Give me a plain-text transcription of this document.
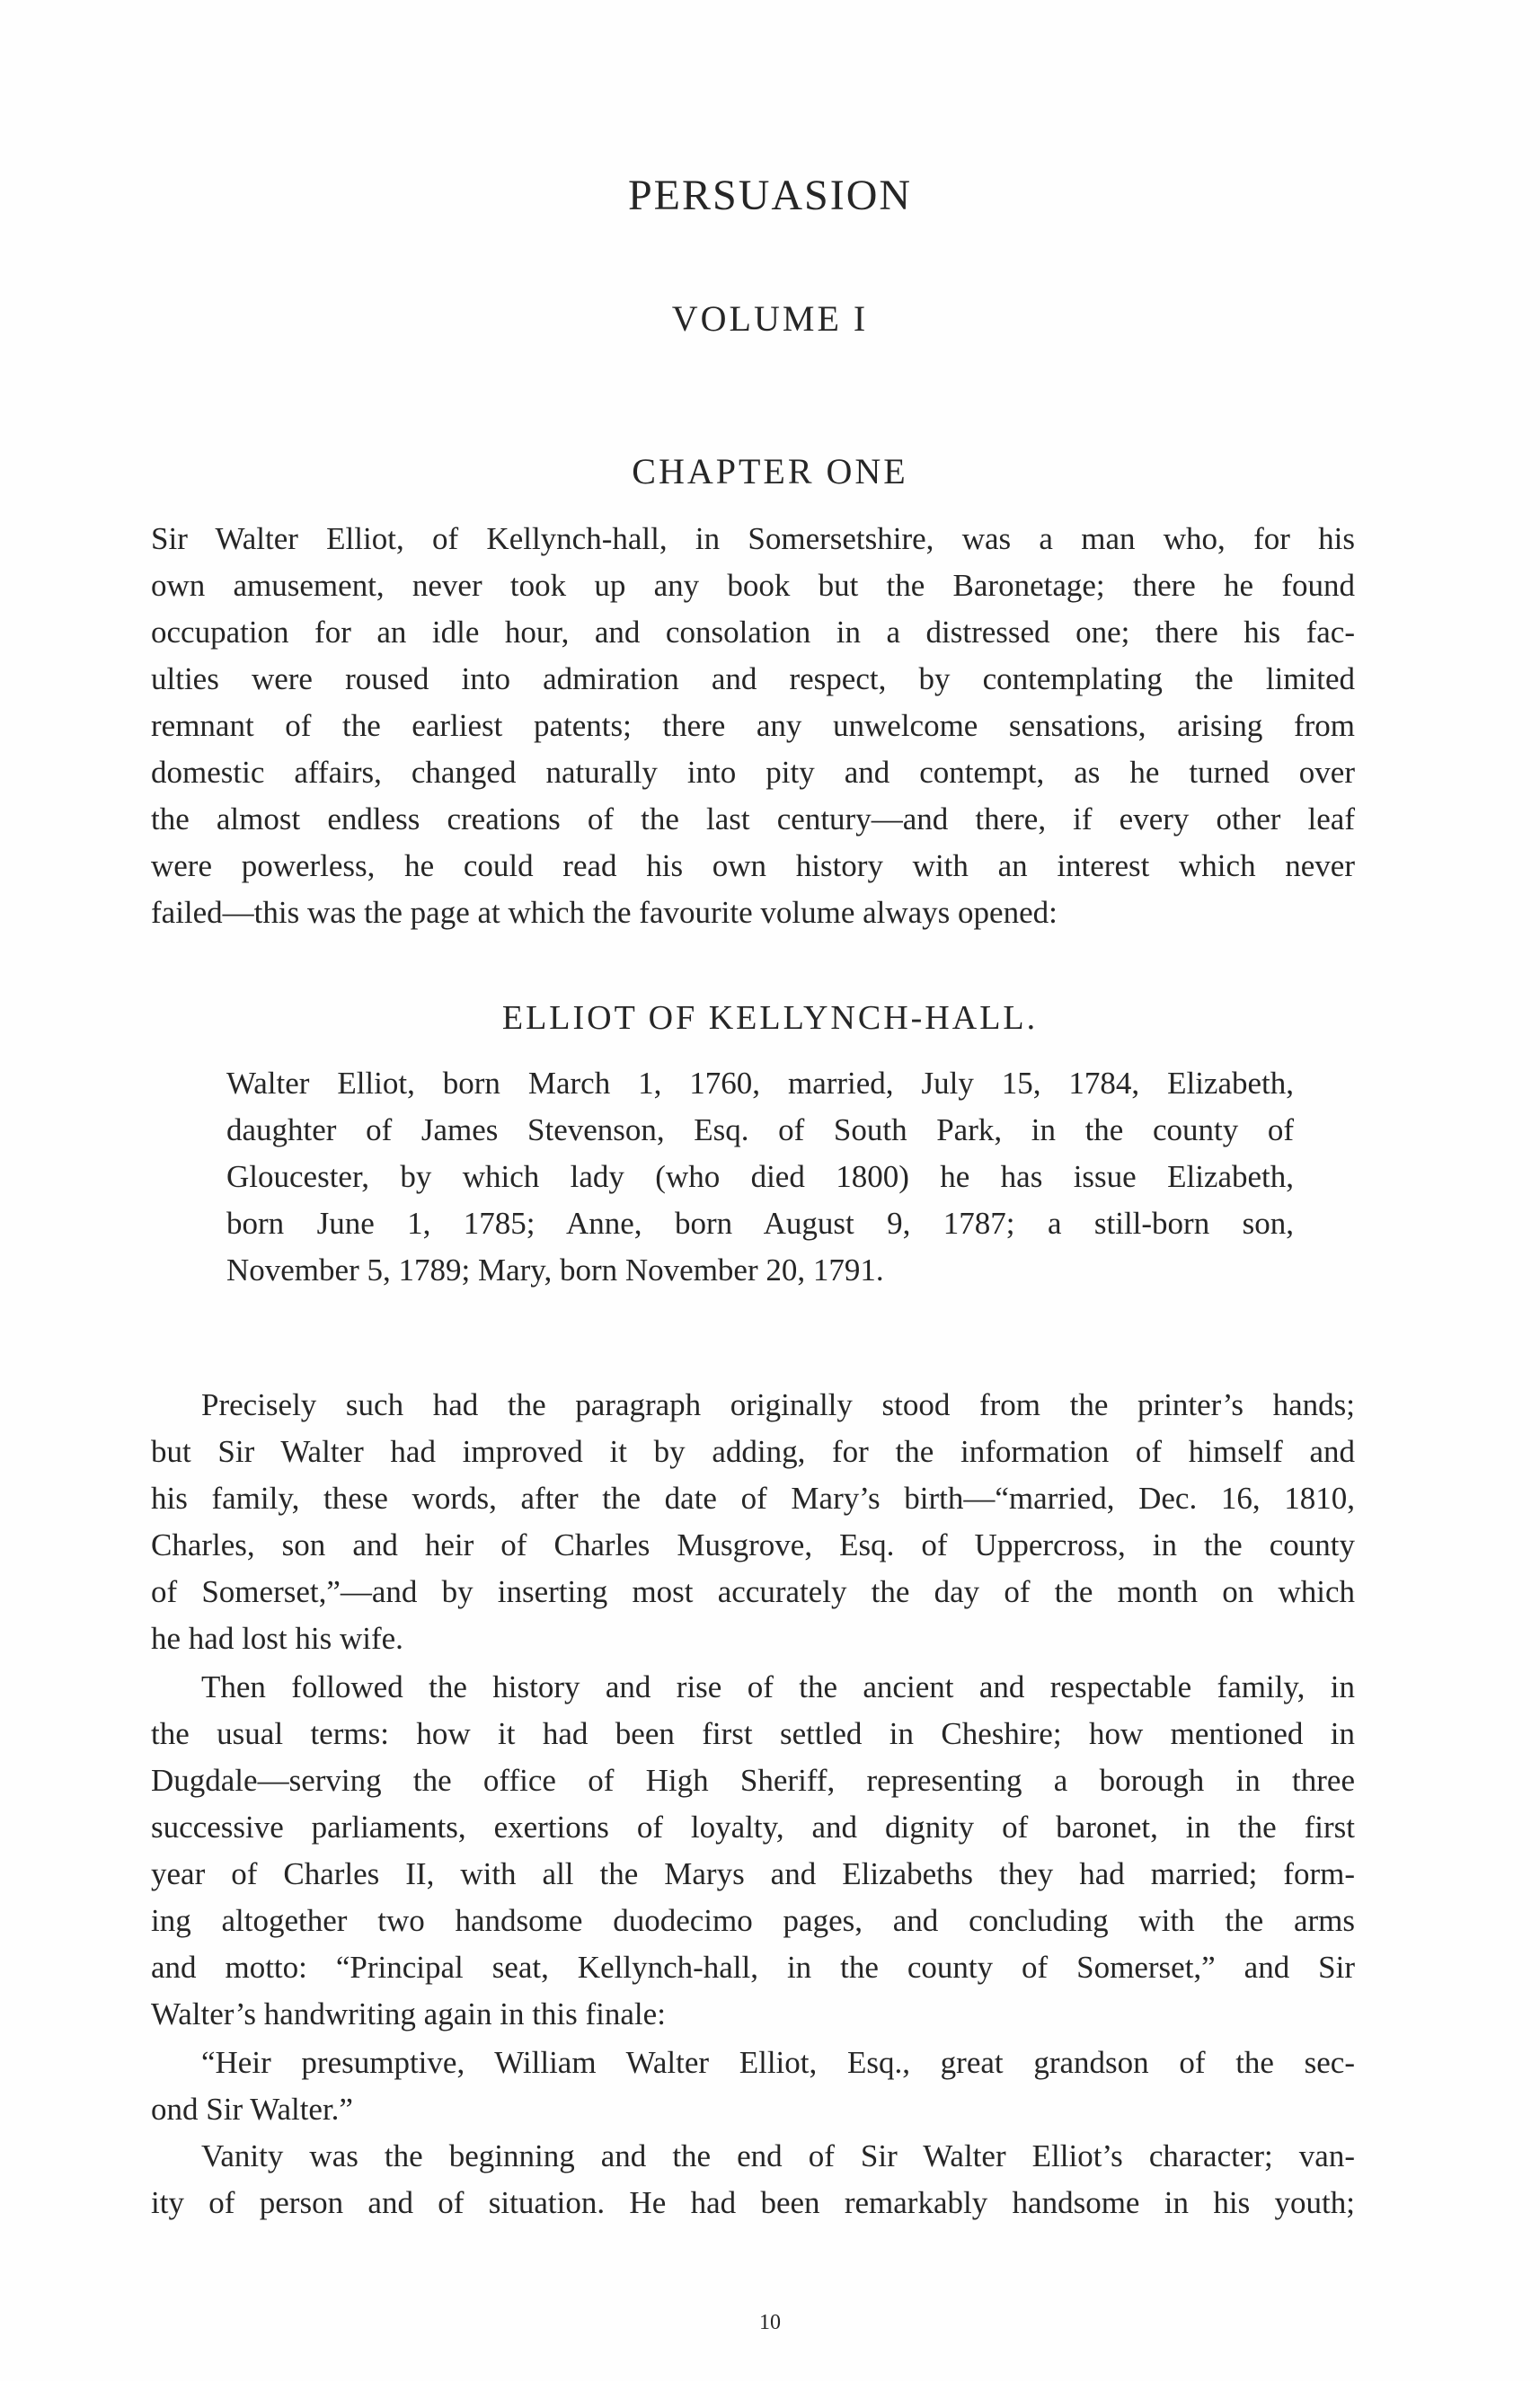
PERSUASION
VOLUME I
CHAPTER ONE
Sir Walter Elliot, of Kellynch-hall, in Somersetshire, was a man who, for his
own amusement, never took up any book but the Baronetage; there he found
occupation for an idle hour, and consolation in a distressed one; there his fac-
ulties were roused into admiration and respect, by contemplating the limited
remnant of the earliest patents; there any unwelcome sensations, arising from
domestic affairs, changed naturally into pity and contempt, as he turned over
the almost endless creations of the last century—and there, if every other leaf
were powerless, he could read his own history with an interest which never
failed—this was the page at which the favourite volume always opened:
ELLIOT OF KELLYNCH-HALL.
Walter Elliot, born March 1, 1760, married, July 15, 1784, Elizabeth,
daughter of James Stevenson, Esq. of South Park, in the county of
Gloucester, by which lady (who died 1800) he has issue Elizabeth,
born June 1, 1785; Anne, born August 9, 1787; a still-born son,
November 5, 1789; Mary, born November 20, 1791.
Precisely such had the paragraph originally stood from the printer’s hands;
but Sir Walter had improved it by adding, for the information of himself and
his family, these words, after the date of Mary’s birth—“married, Dec. 16, 1810,
Charles, son and heir of Charles Musgrove, Esq. of Uppercross, in the county
of Somerset,”—and by inserting most accurately the day of the month on which
he had lost his wife.
Then followed the history and rise of the ancient and respectable family, in
the usual terms: how it had been first settled in Cheshire; how mentioned in
Dugdale—serving the office of High Sheriff, representing a borough in three
successive parliaments, exertions of loyalty, and dignity of baronet, in the first
year of Charles II, with all the Marys and Elizabeths they had married; form-
ing altogether two handsome duodecimo pages, and concluding with the arms
and motto: “Principal seat, Kellynch-hall, in the county of Somerset,” and Sir
Walter’s handwriting again in this finale:
“Heir presumptive, William Walter Elliot, Esq., great grandson of the sec-
ond Sir Walter.”
Vanity was the beginning and the end of Sir Walter Elliot’s character; van-
ity of person and of situation. He had been remarkably handsome in his youth;
10
